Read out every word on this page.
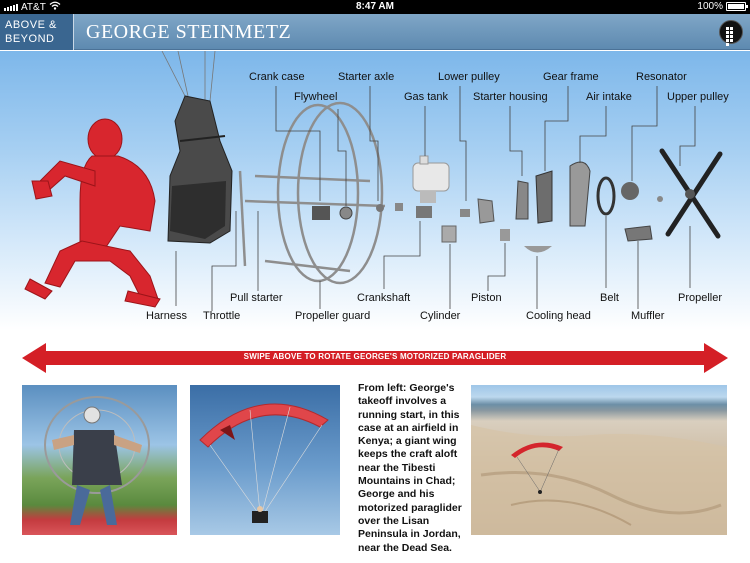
AT&T	8:47 AM	100%
ABOVE &
BEYOND	GEORGE STEINMETZ
Crank case	Starter axle	Lower pulley	Gear frame	Resonator
Flywheel	Gas tank Starter housing	Air intake	Upper pulley
Harness Throttle
Pull starter
Propeller guard
Crankshaft
Cylinder
Piston
Cooling head
Belt
Muffler
Propeller
SWIPE ABOVE TO ROTATE GEORGE'S MOTORIZED PARAGLIDER
From left: George's takeoff involves a running start, in this case at an airfield in Kenya; a giant wing keeps the craft aloft near the Tibesti Mountains in Chad; George and his motorized paraglider over the Lisan Peninsula in Jordan, near the Dead Sea.
